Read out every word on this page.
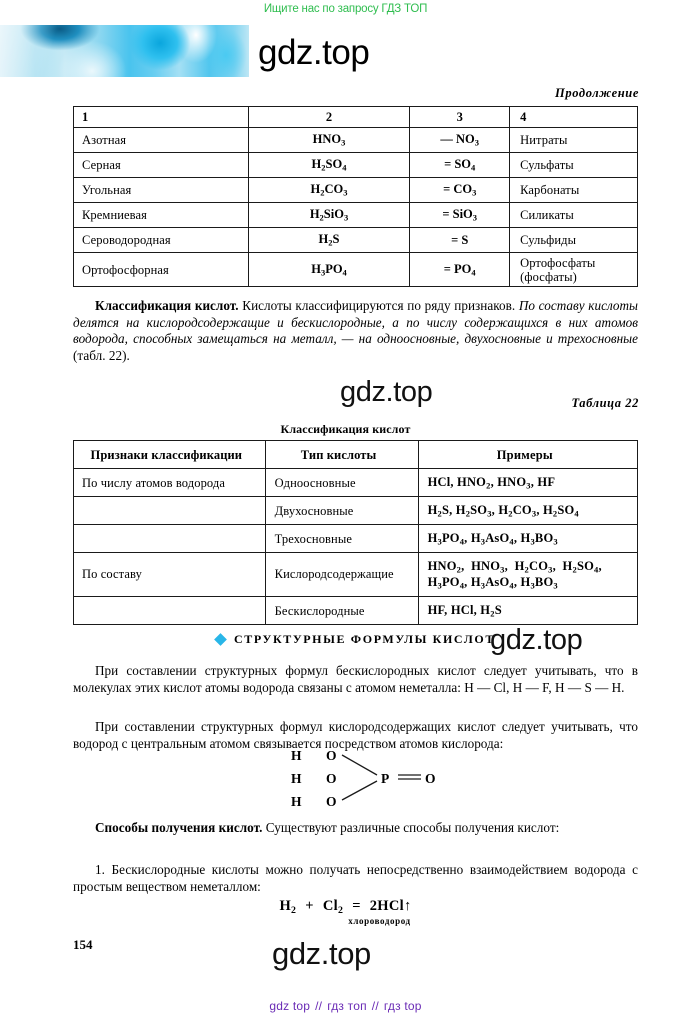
Ищите нас по запросу ГДЗ ТОП
gdz.top
Продолжение
1	2	3	4
Азотная	$HNO_3$	— $NO_3$	Нитраты
Серная	$H_2SO_4$	= $SO_4$	Сульфаты
Угольная	$H_2CO_3$	= $CO_3$	Карбонаты
Кремниевая	$H_2SiO_3$	= SiO$_3$	Силикаты
Сероводородная	$H_2S$	= S	Сульфиды
Ортофосфорная	$H_3PO_4$	= $PO_4$	Ортофосфаты
(фосфаты)
Классификация кислот. Кислоты классифицируются по ряду признаков. По составу кислоты делятся на кислородсодержащие и бескислородные, а по числу содержащихся в них атомов водорода, способных замещаться на металл, — на одноосновные, двухосновные и трехосновные (табл. 22).
gdz.top	Таблица 22
Классификация кислот
Признаки классификации	Тип кислоты	Примеры
По числу атомов водорода	Одноосновные	HCl, $HNO_2$, $HNO_3$, HF
	Двухосновные	$H_2S$, $H_2SO_3$, $H_2CO_3$, $H_2SO_4$
	Трехосновные	$H_3PO_4$, $H_3AsO_4$, $H_3BO_3$
По составу	Кислородсодержащие	$HNO_2$,  $HNO_3$,  $H_2CO_3$,  $H_2SO_4$,
$H_3PO_4$, $H_3AsO_4$, $H_3BO_3$
	Бескислородные	HF, HCl, $H_2S$
СТРУКТУРНЫЕ ФОРМУЛЫ КИСЛОТ
gdz.top
При составлении структурных формул бескислородных кислот следует учитывать, что в молекулах этих кислот атомы водорода связаны с атомом неметалла: H — Cl, H — F, H — S — H.
При составлении структурных формул кислородсодержащих кислот следует учитывать, что водород с центральным атомом связывается посредством атомов кислорода:
H
H
H
O
O
O
P	O
Способы получения кислот. Существуют различные способы получения кислот:
1. Бескислородные кислоты можно получать непосредственно взаимодействием водорода с простым веществом неметаллом:
$H_2 + Cl_2$ = 2HCl↑
хлороводород
154	gdz.top
gdz top // гдз топ // гдз top
